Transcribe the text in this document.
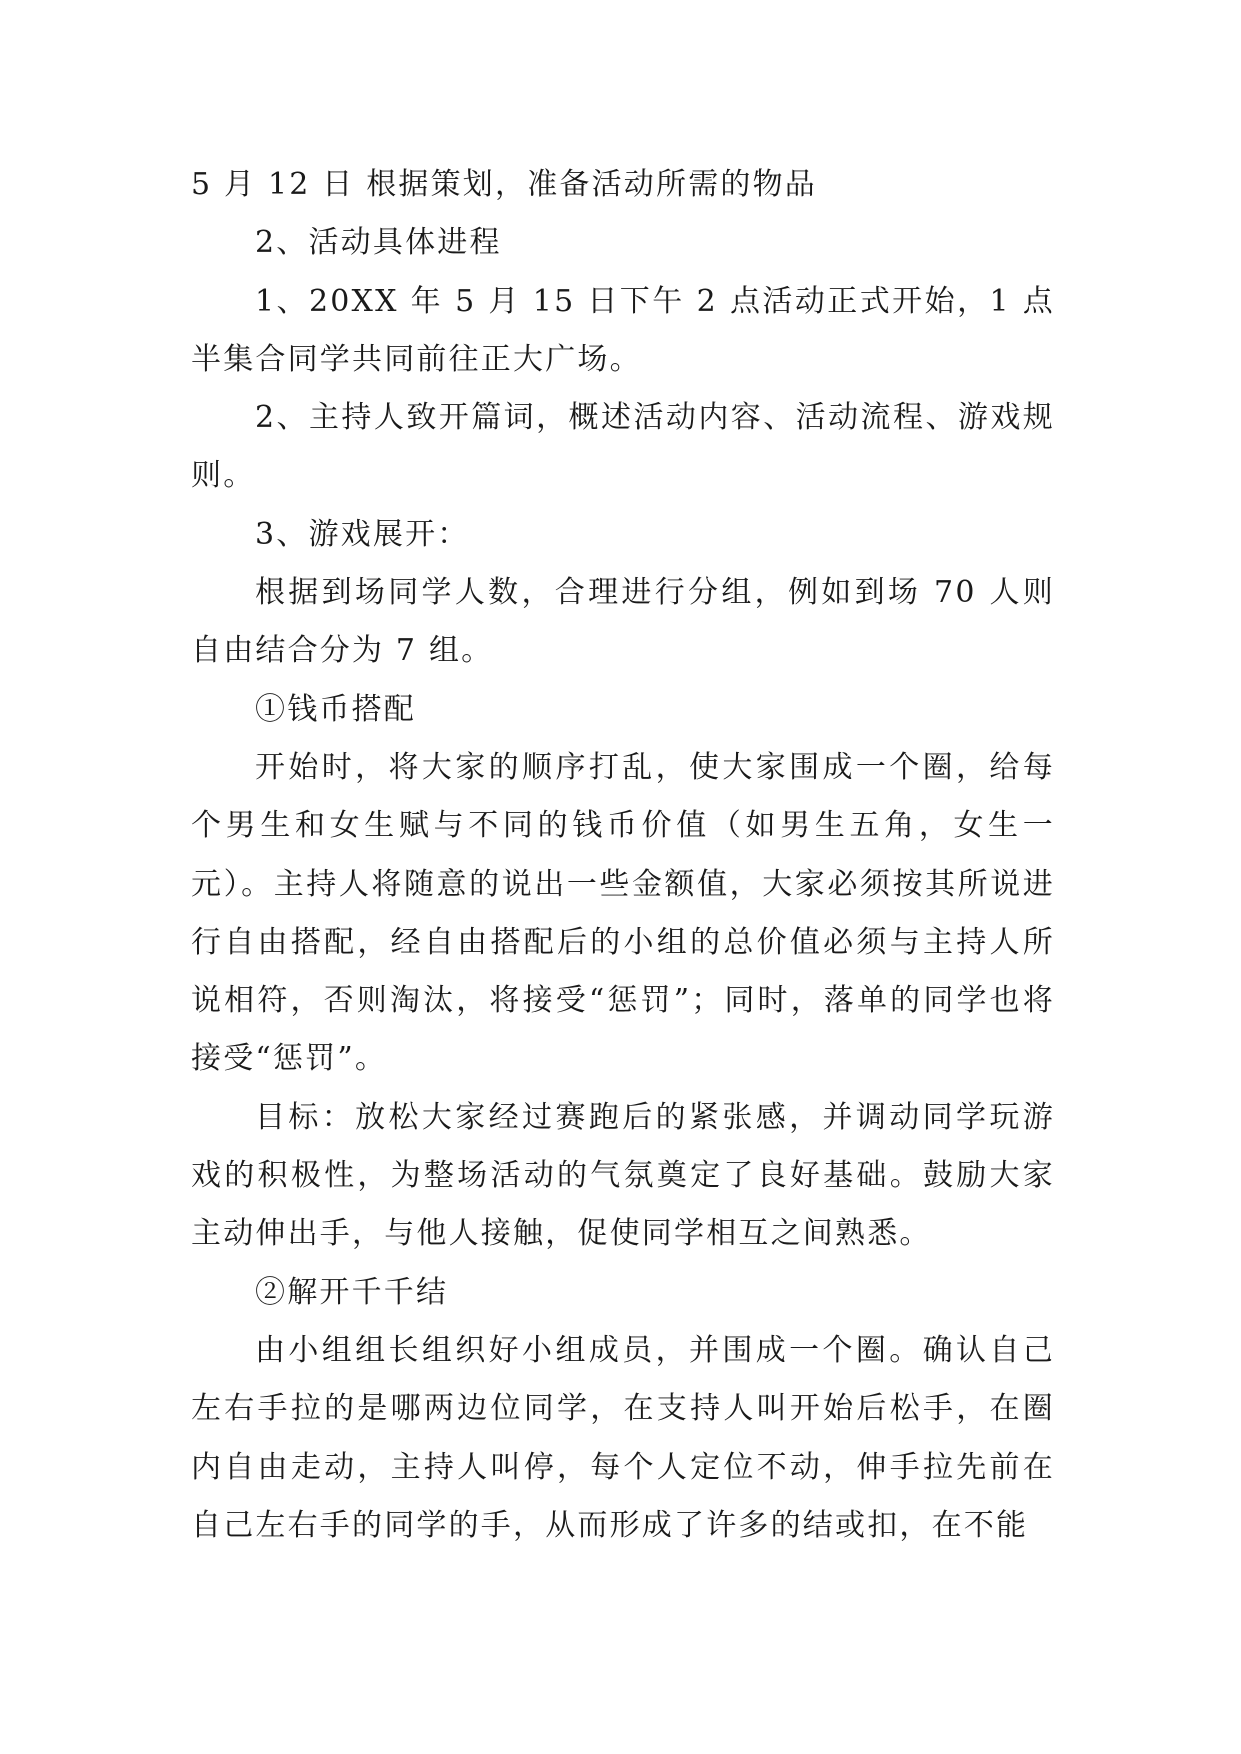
5 月 12 日 根据策划，准备活动所需的物品

2、活动具体进程

1、20XX 年 5 月 15 日下午 2 点活动正式开始，1 点半集合同学共同前往正大广场。

2、主持人致开篇词，概述活动内容、活动流程、游戏规则。

3、游戏展开：

根据到场同学人数，合理进行分组，例如到场 70 人则自由结合分为 7 组。

①钱币搭配

开始时，将大家的顺序打乱，使大家围成一个圈，给每个男生和女生赋与不同的钱币价值（如男生五角，女生一元）。主持人将随意的说出一些金额值，大家必须按其所说进行自由搭配，经自由搭配后的小组的总价值必须与主持人所说相符，否则淘汰，将接受“惩罚”；同时，落单的同学也将接受“惩罚”。

目标：放松大家经过赛跑后的紧张感，并调动同学玩游戏的积极性，为整场活动的气氛奠定了良好基础。鼓励大家主动伸出手，与他人接触，促使同学相互之间熟悉。

②解开千千结

由小组组长组织好小组成员，并围成一个圈。确认自己左右手拉的是哪两边位同学，在支持人叫开始后松手，在圈内自由走动，主持人叫停，每个人定位不动，伸手拉先前在自己左右手的同学的手，从而形成了许多的结或扣，在不能
